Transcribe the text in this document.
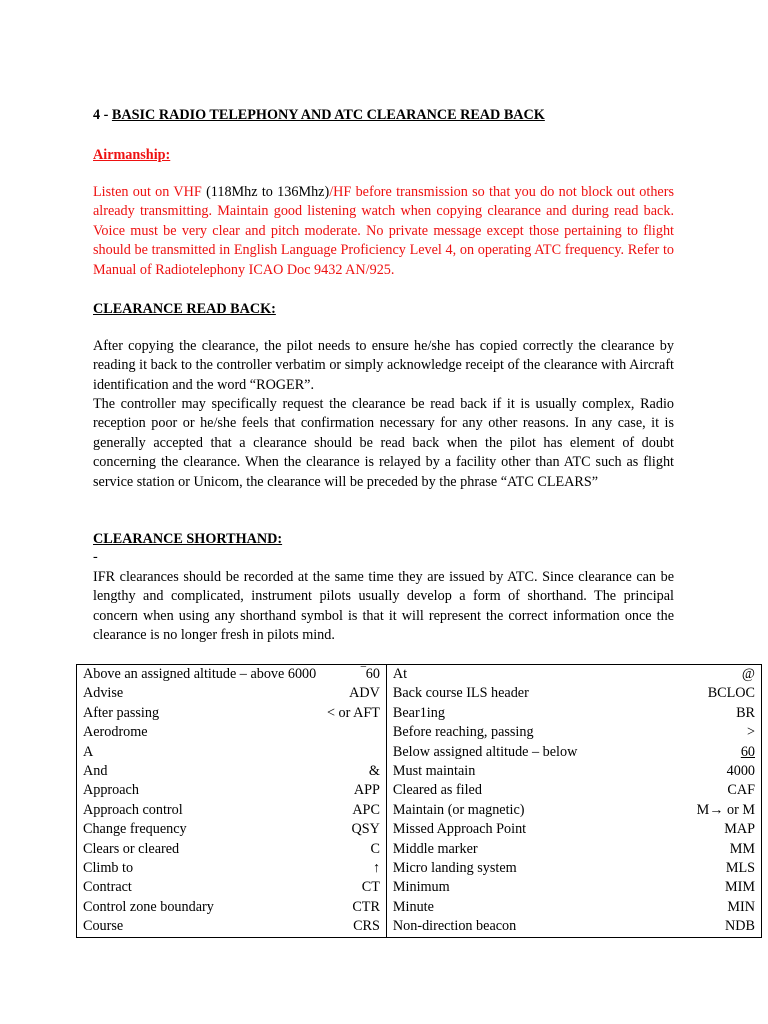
4 - BASIC RADIO TELEPHONY AND ATC CLEARANCE READ BACK
Airmanship:

Listen out on VHF (118Mhz to 136Mhz)/HF before transmission so that you do not block out others already transmitting. Maintain good listening watch when copying clearance and during read back. Voice must be very clear and pitch moderate. No private message except those pertaining to flight should be transmitted in English Language Proficiency Level 4, on operating ATC frequency. Refer to Manual of Radiotelephony ICAO Doc 9432 AN/925.

CLEARANCE READ BACK:

After copying the clearance, the pilot needs to ensure he/she has copied correctly the clearance by reading it back to the controller verbatim or simply acknowledge receipt of the clearance with Aircraft identification and the word “ROGER”.

The controller may specifically request the clearance be read back if it is usually complex, Radio reception poor or he/she feels that confirmation necessary for any other reasons. In any case, it is generally accepted that a clearance should be read back when the pilot has element of doubt concerning the clearance. When the clearance is relayed by a facility other than ATC such as flight service station or Unicom, the clearance will be preceded by the phrase “ATC CLEARS”

CLEARANCE SHORTHAND:
-

IFR clearances should be recorded at the same time they are issued by ATC. Since clearance can be lengthy and complicated, instrument pilots usually develop a form of shorthand. The principal concern when using any shorthand symbol is that it will represent the correct information once the clearance is no longer fresh in pilots mind.

Above an assigned altitude – above 6000 ‾60	At @

Advise ADV	Back course ILS header BCLOC

After passing < or AFT	Bear1ing BR

Aerodrome	Before reaching, passing >

A	Below assigned altitude – below 60

And &	Must maintain 4000

Approach APP	Cleared as filed CAF

Approach control APC	Maintain (or magnetic) M→ or M

Change frequency QSY	Missed Approach Point MAP

Clears or cleared C	Middle marker MM

Climb to ↑	Micro landing system MLS

Contract CT	Minimum MIM

Control zone boundary CTR	Minute MIN

Course CRS	Non-direction beacon NDB
